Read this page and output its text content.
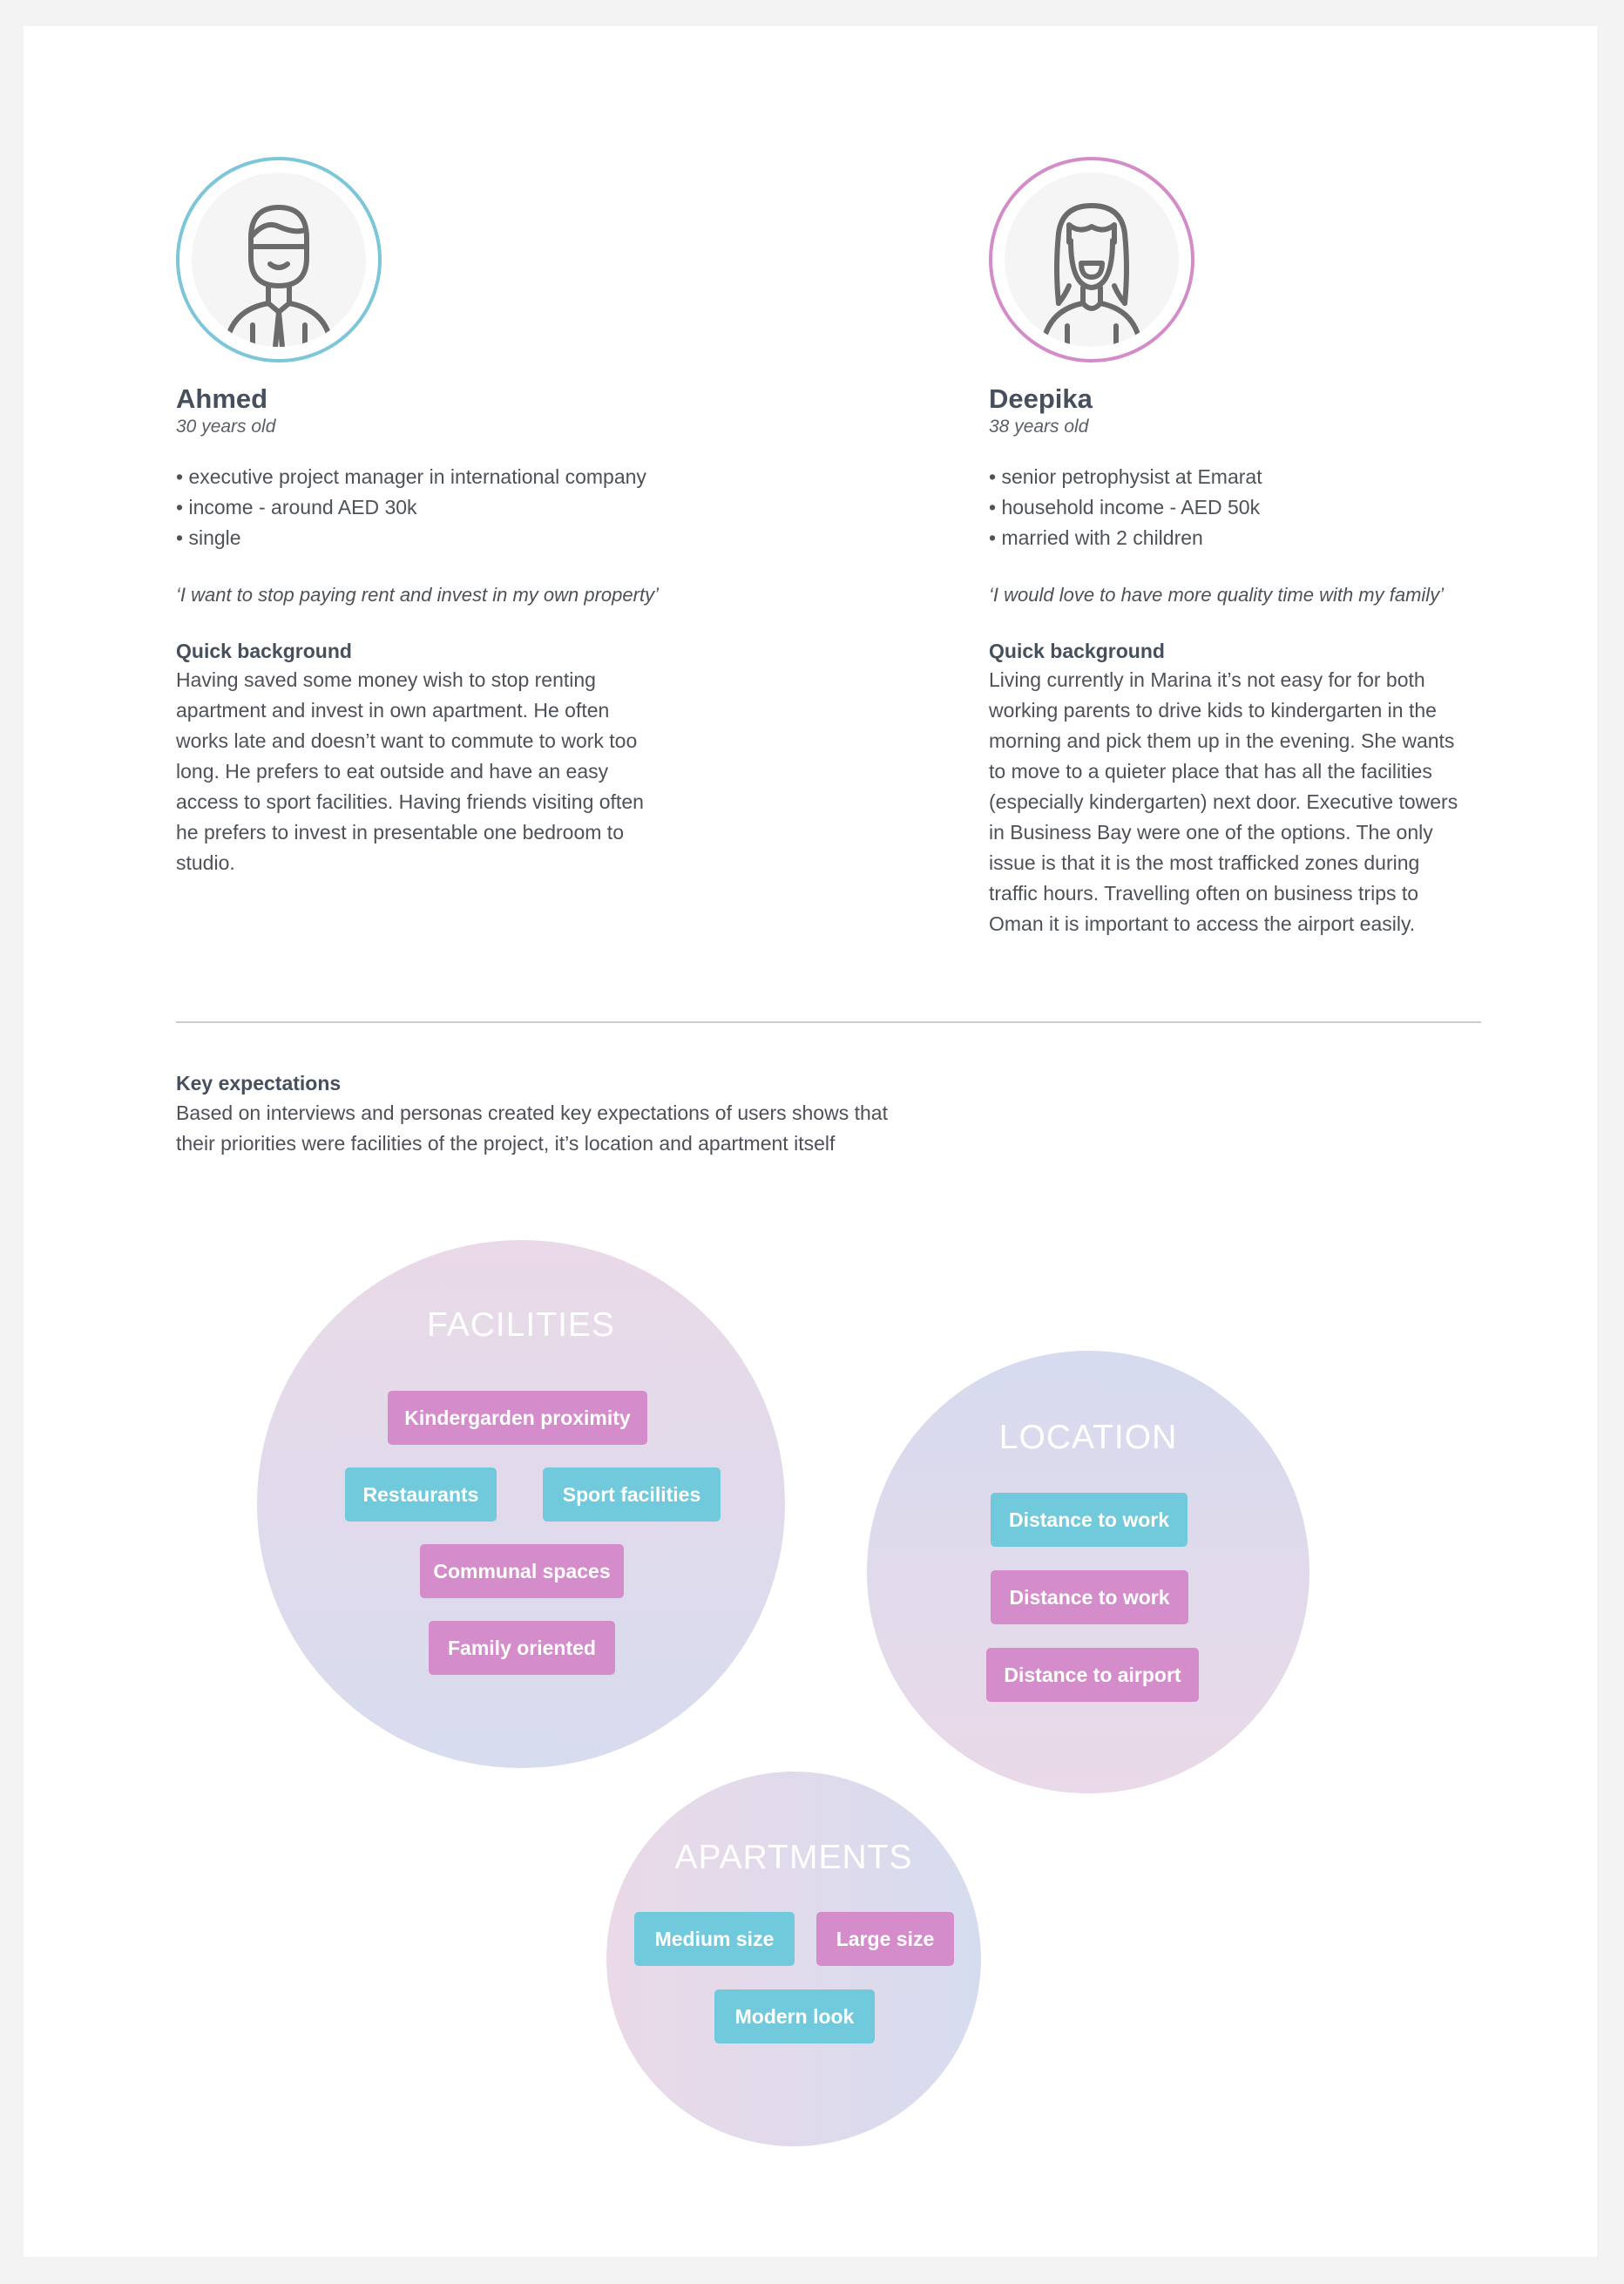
Ahmed
30 years old
• executive project manager in international company
• income - around AED 30k
• single
‘I want to stop paying rent and invest in my own property’
Quick background
Having saved some money wish to stop renting
apartment and invest in own apartment. He often
works late and doesn’t want to commute to work too
long. He prefers to eat outside and have an easy
access to sport facilities. Having friends visiting often
he prefers to invest in presentable one bedroom to
studio.
Deepika
38 years old
• senior petrophysist at Emarat
• household income - AED 50k
• married with 2 children
‘I would love to have more quality time with my family’
Quick background
Living currently in Marina it’s not easy for for both
working parents to drive kids to kindergarten in the
morning and pick them up in the evening. She wants
to move to a quieter place that has all the facilities
(especially kindergarten) next door. Executive towers
in Business Bay were one of the options. The only
issue is that it is the most trafficked zones during
traffic hours. Travelling often on business trips to
Oman it is important to access the airport easily.
Key expectations
Based on interviews and personas created key expectations of users shows that
their priorities were facilities of the project, it’s location and apartment itself
FACILITIES
Kindergarden proximity
Restaurants	Sport facilities
Communal spaces
Family oriented
LOCATION
Distance to work
Distance to work
Distance to airport
APARTMENTS
Medium size	Large size
Modern look
